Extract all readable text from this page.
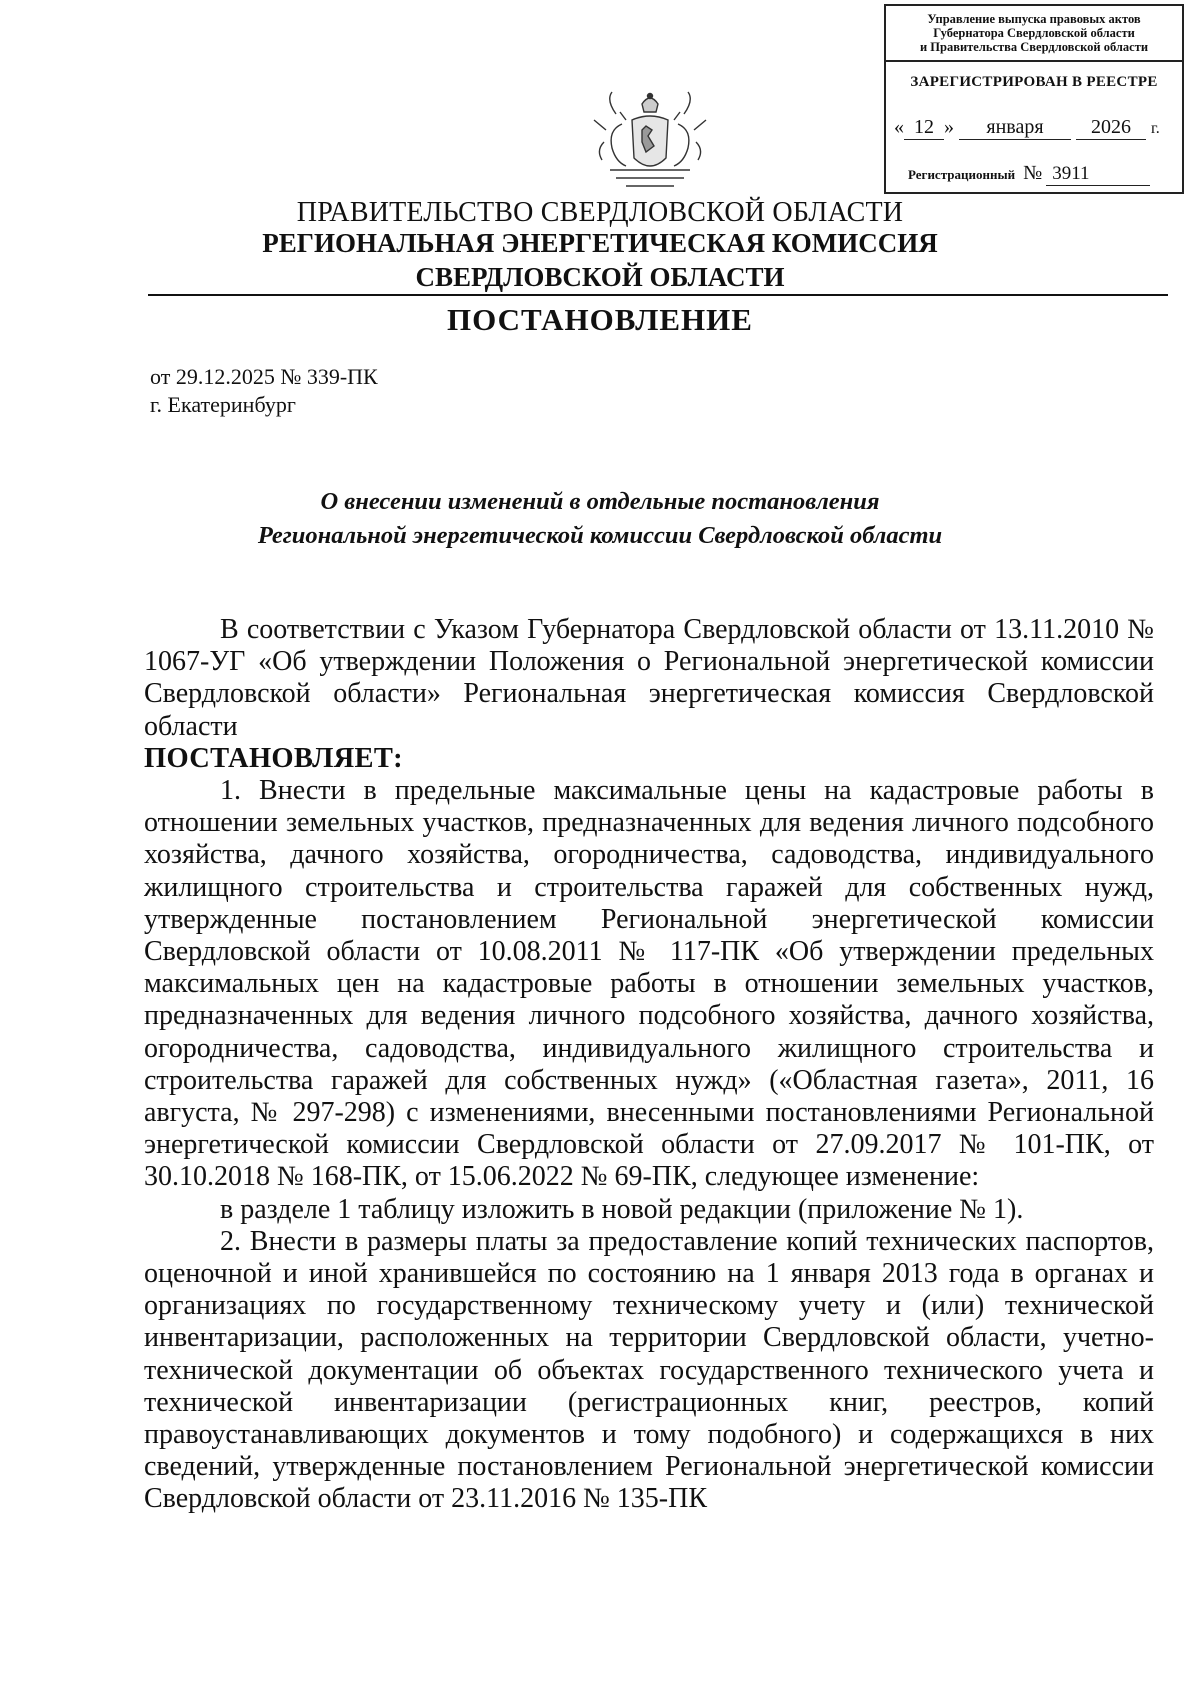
Управление выпуска правовых актов
Губернатора Свердловской области
и Правительства Свердловской области
ЗАРЕГИСТРИРОВАН В РЕЕСТРЕ
« 12 » января 2026 г.
Регистрационный № 3911
ПРАВИТЕЛЬСТВО СВЕРДЛОВСКОЙ ОБЛАСТИ
РЕГИОНАЛЬНАЯ ЭНЕРГЕТИЧЕСКАЯ КОМИССИЯ
СВЕРДЛОВСКОЙ ОБЛАСТИ
ПОСТАНОВЛЕНИЕ
от 29.12.2025 № 339-ПК
г. Екатеринбург
О внесении изменений в отдельные постановления
Региональной энергетической комиссии Свердловской области

В соответствии с Указом Губернатора Свердловской области от 13.11.2010 № 1067-УГ «Об утверждении Положения о Региональной энергетической комиссии Свердловской области» Региональная энергетическая комиссия Свердловской области

ПОСТАНОВЛЯЕТ:

1. Внести в предельные максимальные цены на кадастровые работы в отношении земельных участков, предназначенных для ведения личного подсобного хозяйства, дачного хозяйства, огородничества, садоводства, индивидуального жилищного строительства и строительства гаражей для собственных нужд, утвержденные постановлением Региональной энергетической комиссии Свердловской области от 10.08.2011 № 117-ПК «Об утверждении предельных максимальных цен на кадастровые работы в отношении земельных участков, предназначенных для ведения личного подсобного хозяйства, дачного хозяйства, огородничества, садоводства, индивидуального жилищного строительства и строительства гаражей для собственных нужд» («Областная газета», 2011, 16 августа, № 297-298) с изменениями, внесенными постановлениями Региональной энергетической комиссии Свердловской области от 27.09.2017 № 101-ПК, от 30.10.2018 № 168-ПК, от 15.06.2022 № 69-ПК, следующее изменение:

в разделе 1 таблицу изложить в новой редакции (приложение № 1).

2. Внести в размеры платы за предоставление копий технических паспортов, оценочной и иной хранившейся по состоянию на 1 января 2013 года в органах и организациях по государственному техническому учету и (или) технической инвентаризации, расположенных на территории Свердловской области, учетно-технической документации об объектах государственного технического учета и технической инвентаризации (регистрационных книг, реестров, копий правоустанавливающих документов и тому подобного) и содержащихся в них сведений, утвержденные постановлением Региональной энергетической комиссии Свердловской области от 23.11.2016 № 135-ПК
